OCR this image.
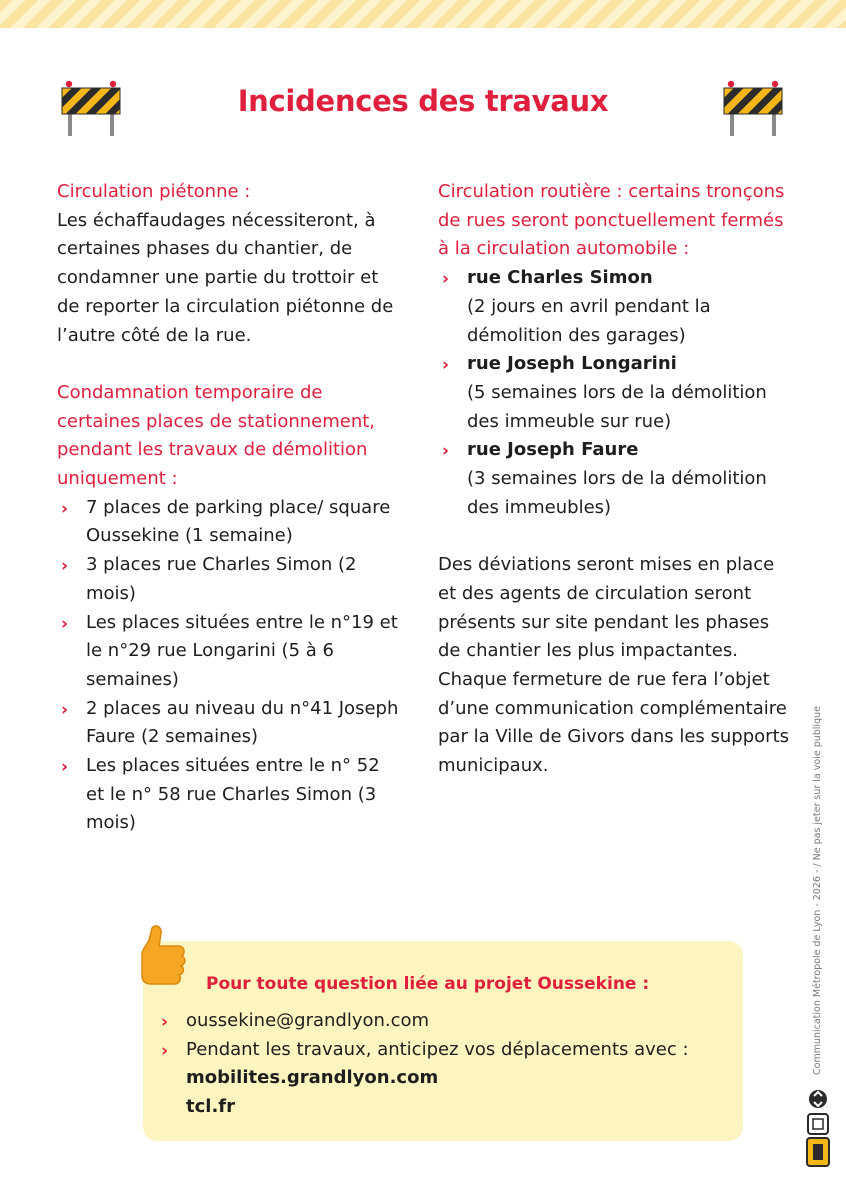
Incidences des travaux

Circulation piétonne :

Les échaffaudages nécessiteront, à certaines phases du chantier, de condamner une partie du trottoir et de reporter la circulation piétonne de l’autre côté de la rue.

Condamnation temporaire de certaines places de stationnement, pendant les travaux de démolition uniquement :

› 7 places de parking place/ square Oussekine (1 semaine)
› 3 places rue Charles Simon (2 mois)
› Les places situées entre le n°19 et le n°29 rue Longarini (5 à 6 semaines)
› 2 places au niveau du n°41 Joseph Faure (2 semaines)
› Les places situées entre le n° 52 et le n° 58 rue Charles Simon (3 mois)

Circulation routière : certains tronçons de rues seront ponctuellement fermés à la circulation automobile :

› rue Charles Simon
(2 jours en avril pendant la démolition des garages)
› rue Joseph Longarini
(5 semaines lors de la démolition des immeuble sur rue)
› rue Joseph Faure
(3 semaines lors de la démolition des immeubles)

Des déviations seront mises en place et des agents de circulation seront présents sur site pendant les phases de chantier les plus impactantes. Chaque fermeture de rue fera l’objet d’une communication complémentaire par la Ville de Givors dans les supports municipaux.

Pour toute question liée au projet Oussekine :
› oussekine@grandlyon.com
› Pendant les travaux, anticipez vos déplacements avec :
mobilites.grandlyon.com
tcl.fr
Communication Métropole de Lyon - 2026 - / Ne pas jeter sur la voie publique
